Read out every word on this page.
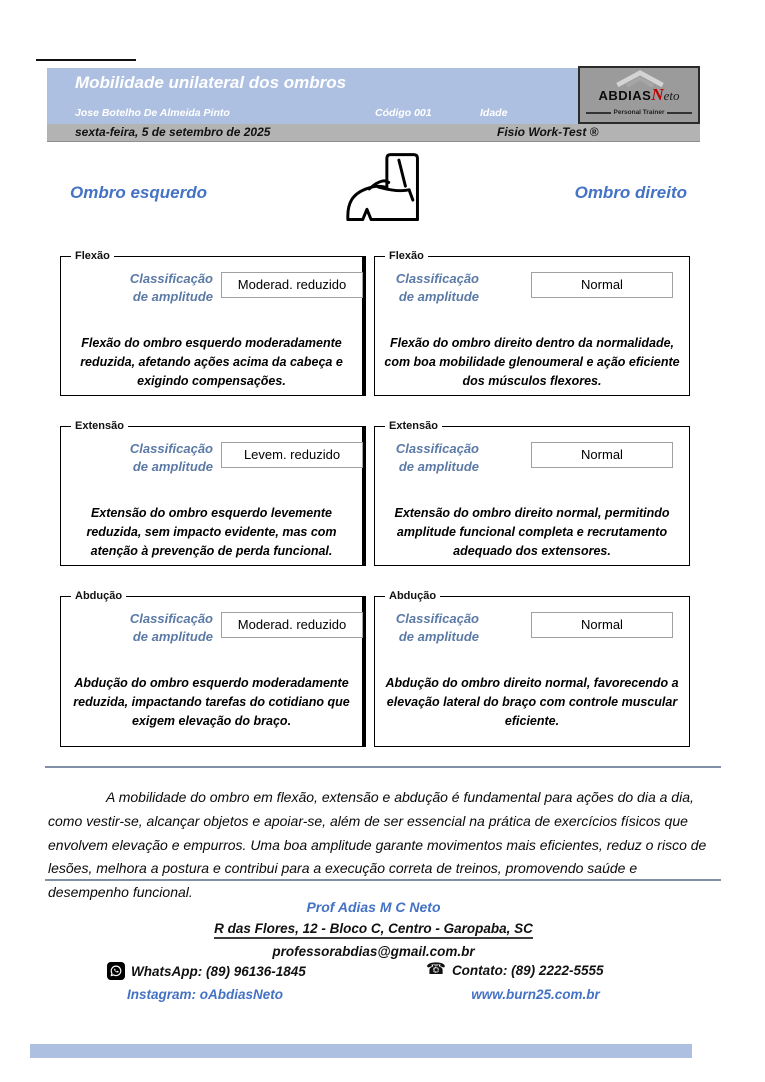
Mobilidade unilateral dos ombros
Jose Botelho De Almeida Pinto	Código 001	Idade
sexta-feira, 5 de setembro de 2025	Fisio Work-Test ®
ABDIASNeto
Personal Trainer
Ombro esquerdo	Ombro direito
Flexão
Classificação de amplitude
Moderad. reduzido
Flexão do ombro esquerdo moderadamente reduzida, afetando ações acima da cabeça e exigindo compensações.
Flexão
Classificação de amplitude
Normal
Flexão do ombro direito dentro da normalidade, com boa mobilidade glenoumeral e ação eficiente dos músculos flexores.
Extensão
Classificação de amplitude
Levem. reduzido
Extensão do ombro esquerdo levemente reduzida, sem impacto evidente, mas com atenção à prevenção de perda funcional.
Extensão
Classificação de amplitude
Normal
Extensão do ombro direito normal, permitindo amplitude funcional completa e recrutamento adequado dos extensores.
Abdução
Classificação de amplitude
Moderad. reduzido
Abdução do ombro esquerdo moderadamente reduzida, impactando tarefas do cotidiano que exigem elevação do braço.
Abdução
Classificação de amplitude
Normal
Abdução do ombro direito normal, favorecendo a elevação lateral do braço com controle muscular eficiente.

A mobilidade do ombro em flexão, extensão e abdução é fundamental para ações do dia a dia, como vestir-se, alcançar objetos e apoiar-se, além de ser essencial na prática de exercícios físicos que envolvem elevação e empurros. Uma boa amplitude garante movimentos mais eficientes, reduz o risco de lesões, melhora a postura e contribui para a execução correta de treinos, promovendo saúde e desempenho funcional.

Prof Adias M C Neto
R das Flores, 12 - Bloco C, Centro - Garopaba, SC
professorabdias@gmail.com.br
WhatsApp: (89) 96136-1845	☎ Contato: (89) 2222-5555
Instagram: oAbdiasNeto	www.burn25.com.br
